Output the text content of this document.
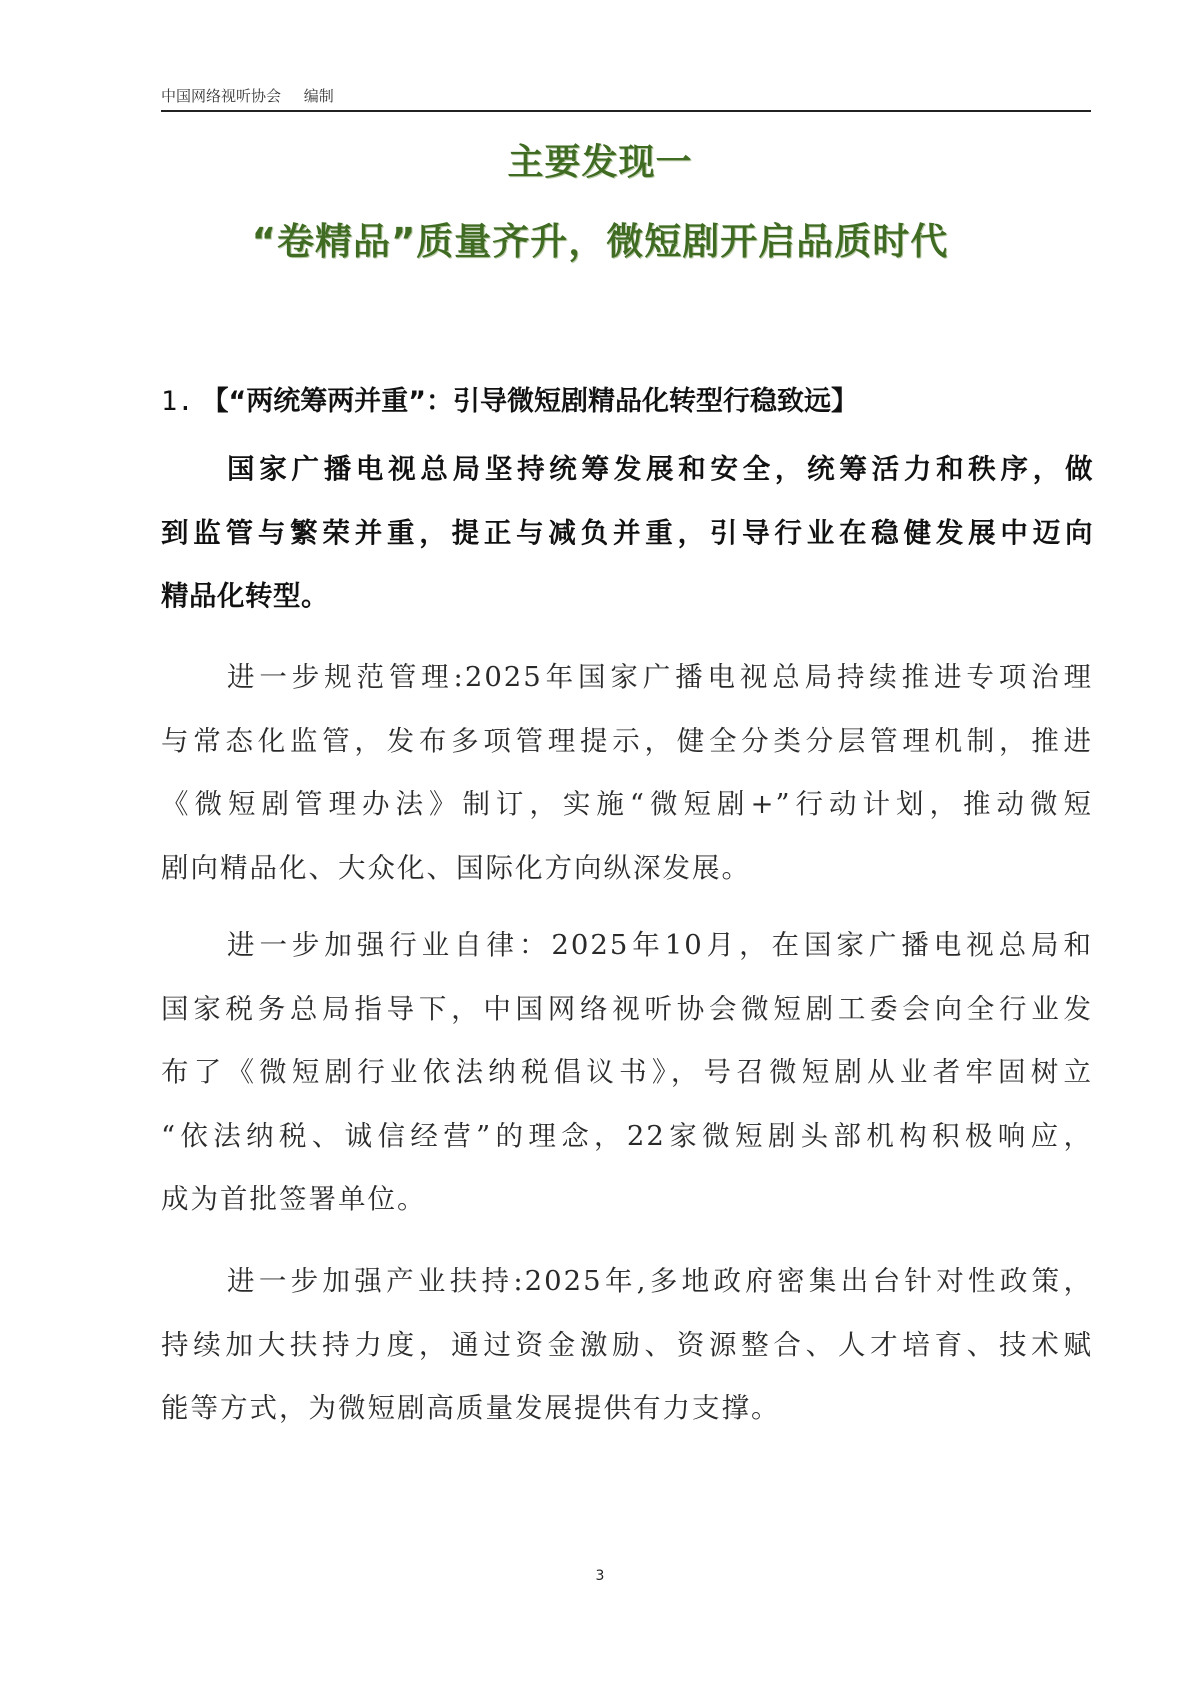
中国网络视听协会 编制
主要发现一
“卷精品”质量齐升，微短剧开启品质时代
1. 【“两统筹两并重”：引导微短剧精品化转型行稳致远】
国家广播电视总局坚持统筹发展和安全，统筹活力和秩序，做
到监管与繁荣并重，提正与减负并重，引导行业在稳健发展中迈向
精品化转型。
进一步规范管理:2025年国家广播电视总局持续推进专项治理
与常态化监管，发布多项管理提示，健全分类分层管理机制，推进
《微短剧管理办法》制订，实施“微短剧+”行动计划，推动微短
剧向精品化、大众化、国际化方向纵深发展。
进一步加强行业自律：2025年10月，在国家广播电视总局和
国家税务总局指导下，中国网络视听协会微短剧工委会向全行业发
布了《微短剧行业依法纳税倡议书》，号召微短剧从业者牢固树立
“依法纳税、诚信经营”的理念，22家微短剧头部机构积极响应，
成为首批签署单位。
进一步加强产业扶持:2025年,多地政府密集出台针对性政策，
持续加大扶持力度，通过资金激励、资源整合、人才培育、技术赋
能等方式，为微短剧高质量发展提供有力支撑。
3
